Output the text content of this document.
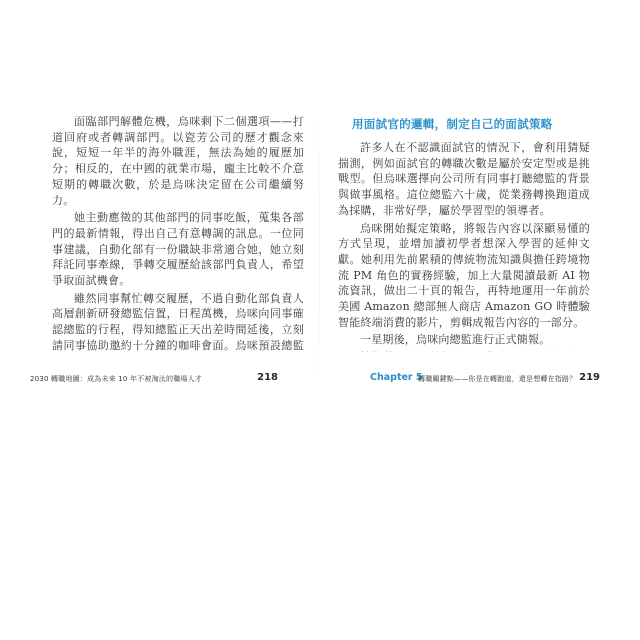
面臨部門解體危機，烏咪剩下二個選項——打道回府或者轉調部門。以瓷芳公司的歷才觀念來說，短短一年半的海外職涯，無法為她的履歷加分；相反的，在中國的就業市場，龐主比較不介意短期的轉職次數，於是烏咪決定留在公司繼續努力。

她主動應徵的其他部門的同事吃飯，蒐集各部門的最新情報，得出自己有意轉調的訊息。一位同事建議，自動化部有一份職缺非常適合她，她立刻拜託同事牽線，爭轉交履歷給該部門負責人，希望爭取面試機會。

雖然同事幫忙轉交履歷，不過自動化部負責人高層創新研發總監信置，日程萬機，烏咪向同事確認總監的行程，得知總監正天出差時間延後，立刻請同事協助邀約十分鐘的咖啡會面。烏咪預設總監

2030 轉職地圖：成為未來 10 年不被淘汰的職場人才	218
用面試官的邏輯，制定自己的面試策略

許多人在不認識面試官的情況下，會利用猜疑揣測，例如面試官的轉職次數是屬於安定型或是挑戰型。但烏咪選擇向公司所有同事打聽總監的背景與做事風格。這位總監六十歲，從業務轉換跑道成為採購，非常好學，屬於學習型的領導者。

烏咪開始擬定策略，將報告內容以深顯易懂的方式呈現，並增加讀初學者想深入學習的延伸文獻。她利用先前累積的傳統物流知識與擔任跨境物流 PM 角色的實務經驗，加上大量閱讀最新 AI 物流資訊，做出二十頁的報告，再特地運用一年前於美國 Amazon 總部無人商店 Amazon GO 時體驗智能終端消費的影片，剪輯成報告內容的一部分。

一星期後，烏咪向總監進行正式簡報。

Chapter 5
轉職關鍵點——你是在轉跑道，還是想轉在指路？ 219
